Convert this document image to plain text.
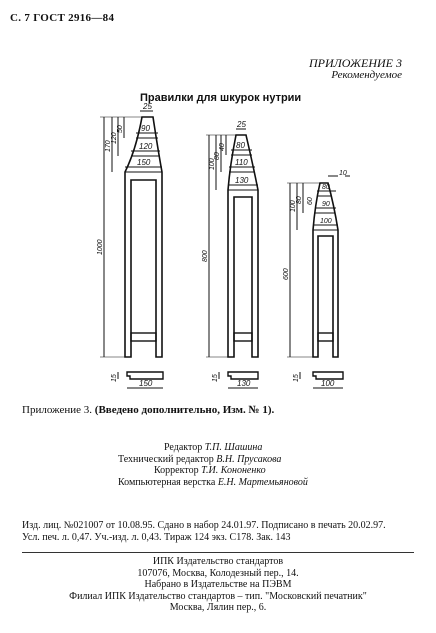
С. 7 ГОСТ 2916—84
ПРИЛОЖЕНИЕ 3
Рекомендуемое
Правилки для шкурок нутрии
25
90
120
150
50
120
170
1000
150
15
25
80
110
130
40
80
100
800
130
15
10
80
90
100
60
80
100
600
100
15
Приложение 3. (Введено дополнительно, Изм. № 1).
Редактор Т.П. Шашина
Технический редактор В.Н. Прусакова
Корректор Т.И. Кононенко
Компьютерная верстка Е.Н. Мартемьяновой
Изд. лиц. №021007 от 10.08.95. Сдано в набор 24.01.97. Подписано в печать 20.02.97.
Усл. печ. л. 0,47. Уч.-изд. л. 0,43. Тираж 124 экз. С178. Зак. 143
ИПК Издательство стандартов
107076, Москва, Колодезный пер., 14.
Набрано в Издательстве на ПЭВМ
Филиал ИПК Издательство стандартов – тип. "Московский печатник"
Москва, Лялин пер., 6.
